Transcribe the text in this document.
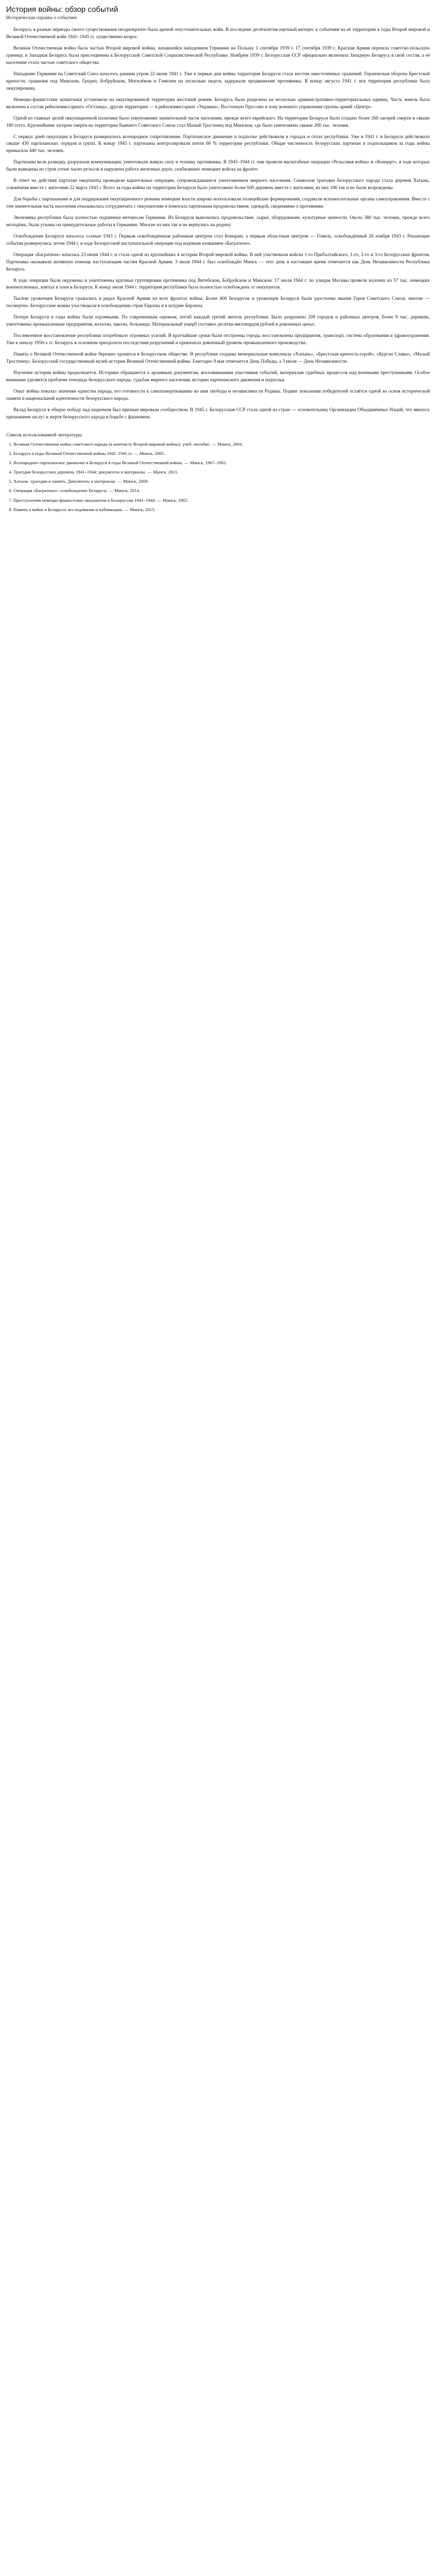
История войны: обзор событий
Историческая справка о событиях

Беларусь в разные периоды своего существования неоднократно была ареной опустошительных войн. В последние десятилетия научный интерес к событиям на её территории в годы Второй мировой и Великой Отечественной войн 1941–1945 гг. существенно возрос.

Великая Отечественная война была частью Второй мировой войны, начавшейся нападением Германии на Польшу 1 сентября 1939 г. 17 сентября 1939 г. Красная Армия перешла советско-польскую границу, и Западная Беларусь была присоединена к Белорусской Советской Социалистической Республике. Ноябрём 1939 г. Белорусская ССР официально включила Западную Беларусь в свой состав, а её население стало частью советского общества.

Нападение Германии на Советский Союз началось ранним утром 22 июня 1941 г. Уже в первые дни войны территория Беларуси стала местом ожесточённых сражений. Героическая оборона Брестской крепости, сражения под Минском, Гродно, Бобруйском, Могилёвом и Гомелем на несколько недель задержали продвижение противника. К концу августа 1941 г. вся территория республики была оккупирована.

Немецко-фашистские захватчики установили на оккупированной территории жестокий режим. Беларусь была разделена на несколько административно-территориальных единиц. Часть земель была включена в состав рейхскомиссариата «Остланд», другие территории — в рейхскомиссариат «Украина», Восточную Пруссию и зону военного управления группы армий «Центр».

Одной из главных целей оккупационной политики было уничтожение значительной части населения, прежде всего еврейского. На территории Беларуси было создано более 260 лагерей смерти и свыше 180 гетто. Крупнейшим лагерем смерти на территории бывшего Советского Союза стал Малый Тростенец под Минском, где было уничтожено свыше 200 тыс. человек.

С первых дней оккупации в Беларуси развернулось всенародное сопротивление. Партизанское движение и подполье действовали в городах и сёлах республики. Уже в 1941 г. в Беларуси действовало свыше 430 партизанских отрядов и групп. К концу 1943 г. партизаны контролировали почти 60 % территории республики. Общая численность белорусских партизан и подпольщиков за годы войны превысила 440 тыс. человек.

Партизаны вели разведку, разрушали коммуникации, уничтожали живую силу и технику противника. В 1943–1944 гг. они провели масштабные операции «Рельсовая война» и «Концерт», в ходе которых были выведены из строя сотни тысяч рельсов и нарушена работа железных дорог, снабжавших немецкие войска на фронте.

В ответ на действия партизан оккупанты проводили карательные операции, сопровождавшиеся уничтожением мирного населения. Символом трагедии белорусского народа стала деревня Хатынь, сожжённая вместе с жителями 22 марта 1943 г. Всего за годы войны на территории Беларуси было уничтожено более 600 деревень вместе с жителями, из них 186 так и не были возрождены.

Для борьбы с партизанами и для поддержания оккупационного режима немецкие власти широко использовали полицейские формирования, создавали вспомогательные органы самоуправления. Вместе с тем значительная часть населения отказывалась сотрудничать с оккупантами и помогала партизанам продовольствием, одеждой, сведениями о противнике.

Экономика республики была полностью подчинена интересам Германии. Из Беларуси вывозились продовольствие, сырьё, оборудование, культурные ценности. Около 380 тыс. человек, прежде всего молодёжь, были угнаны на принудительные работы в Германию. Многие из них так и не вернулись на родину.

Освобождение Беларуси началось осенью 1943 г. Первым освобождённым районным центром стал Комарин, а первым областным центром — Гомель, освобождённый 26 ноября 1943 г. Решающие события развернулись летом 1944 г. в ходе Белорусской наступательной операции под кодовым названием «Багратион».

Операция «Багратион» началась 23 июня 1944 г. и стала одной из крупнейших в истории Второй мировой войны. В ней участвовали войска 1-го Прибалтийского, 1-го, 2-го и 3-го Белорусских фронтов. Партизаны оказывали активную помощь наступающим частям Красной Армии. 3 июля 1944 г. был освобождён Минск — этот день в настоящее время отмечается как День Независимости Республики Беларусь.

В ходе операции были окружены и уничтожены крупные группировки противника под Витебском, Бобруйском и Минском. 17 июля 1944 г. по улицам Москвы провели колонну из 57 тыс. немецких военнопленных, взятых в плен в Беларуси. К концу июля 1944 г. территория республики была полностью освобождена от оккупантов.

Тысячи уроженцев Беларуси сражались в рядах Красной Армии на всех фронтах войны. Более 400 белорусов и уроженцев Беларуси были удостоены звания Героя Советского Союза, многие — посмертно. Белорусские воины участвовали в освобождении стран Европы и в штурме Берлина.

Потери Беларуси в годы войны были огромными. По современным оценкам, погиб каждый третий житель республики. Было разрушено 209 городов и районных центров, более 9 тыс. деревень, уничтожены промышленные предприятия, колхозы, школы, больницы. Материальный ущерб составил десятки миллиардов рублей в довоенных ценах.

Послевоенное восстановление республики потребовало огромных усилий. В кратчайшие сроки были отстроены города, восстановлены предприятия, транспорт, система образования и здравоохранения. Уже к началу 1950-х гг. Беларусь в основном преодолела последствия разрушений и превзошла довоенный уровень промышленного производства.

Память о Великой Отечественной войне бережно хранится в белорусском обществе. В республике созданы мемориальные комплексы «Хатынь», «Брестская крепость-герой», «Курган Славы», «Малый Тростенец», Белорусский государственный музей истории Великой Отечественной войны. Ежегодно 9 мая отмечается День Победы, а 3 июля — День Независимости.

Изучение истории войны продолжается. Историки обращаются к архивным документам, воспоминаниям участников событий, материалам судебных процессов над военными преступниками. Особое внимание уделяется проблеме геноцида белорусского народа, судьбам мирного населения, истории партизанского движения и подполья.

Опыт войны показал значение единства народа, его готовности к самопожертвованию во имя свободы и независимости Родины. Подвиг поколения победителей остаётся одной из основ исторической памяти и национальной идентичности белорусского народа.

Вклад Беларуси в общую победу над нацизмом был признан мировым сообществом. В 1945 г. Белорусская ССР стала одной из стран — основательниц Организации Объединённых Наций, что явилось признанием заслуг и жертв белорусского народа в борьбе с фашизмом.

Список использованной литературы
1. Великая Отечественная война советского народа (в контексте Второй мировой войны): учеб. пособие. — Минск, 2004.
2. Беларусь в годы Великой Отечественной войны 1941–1945 гг. — Минск, 2005.
3. Всенародное партизанское движение в Беларуси в годы Великой Отечественной войны. — Минск, 1967–1982.
4. Трагедия белорусских деревень 1941–1944: документы и материалы. — Минск, 2011.
5. Хатынь: трагедия и память. Документы и материалы. — Минск, 2009.
6. Операция «Багратион»: освобождение Беларуси. — Минск, 2014.
7. Преступления немецко-фашистских оккупантов в Белоруссии 1941–1944. — Минск, 1965.
8. Память о войне в Беларуси: исследования и публикации. — Минск, 2015.
